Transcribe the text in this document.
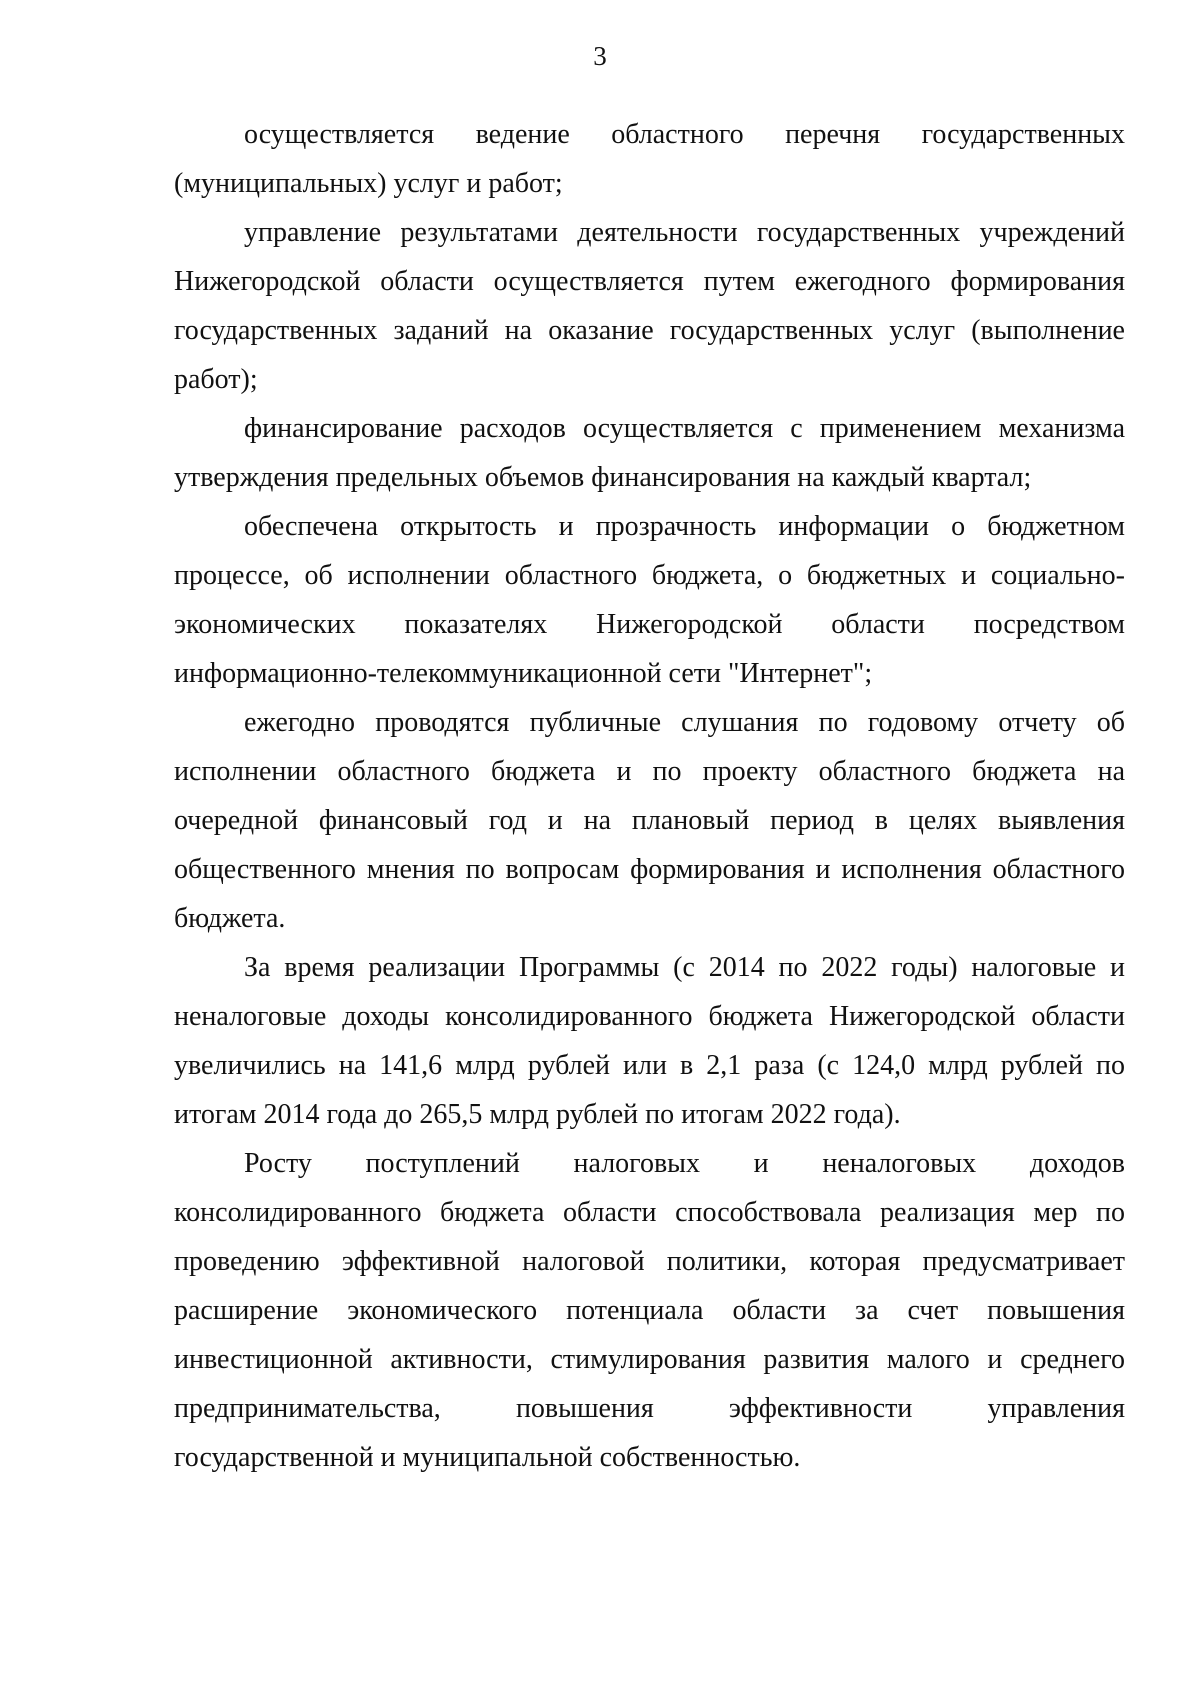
3

осуществляется ведение областного перечня государственных (муниципальных) услуг и работ;

управление результатами деятельности государственных учреждений Нижегородской области осуществляется путем ежегодного формирования государственных заданий на оказание государственных услуг (выполнение работ);

финансирование расходов осуществляется с применением механизма утверждения предельных объемов финансирования на каждый квартал;

обеспечена открытость и прозрачность информации о бюджетном процессе, об исполнении областного бюджета, о бюджетных и социально-экономических показателях Нижегородской области посредством информационно-телекоммуникационной сети "Интернет";

ежегодно проводятся публичные слушания по годовому отчету об исполнении областного бюджета и по проекту областного бюджета на очередной финансовый год и на плановый период в целях выявления общественного мнения по вопросам формирования и исполнения областного бюджета.

За время реализации Программы (с 2014 по 2022 годы) налоговые и неналоговые доходы консолидированного бюджета Нижегородской области увеличились на 141,6 млрд рублей или в 2,1 раза (с 124,0 млрд рублей по итогам 2014 года до 265,5 млрд рублей по итогам 2022 года).

Росту поступлений налоговых и неналоговых доходов консолидированного бюджета области способствовала реализация мер по проведению эффективной налоговой политики, которая предусматривает расширение экономического потенциала области за счет повышения инвестиционной активности, стимулирования развития малого и среднего предпринимательства, повышения эффективности управления государственной и муниципальной собственностью.
